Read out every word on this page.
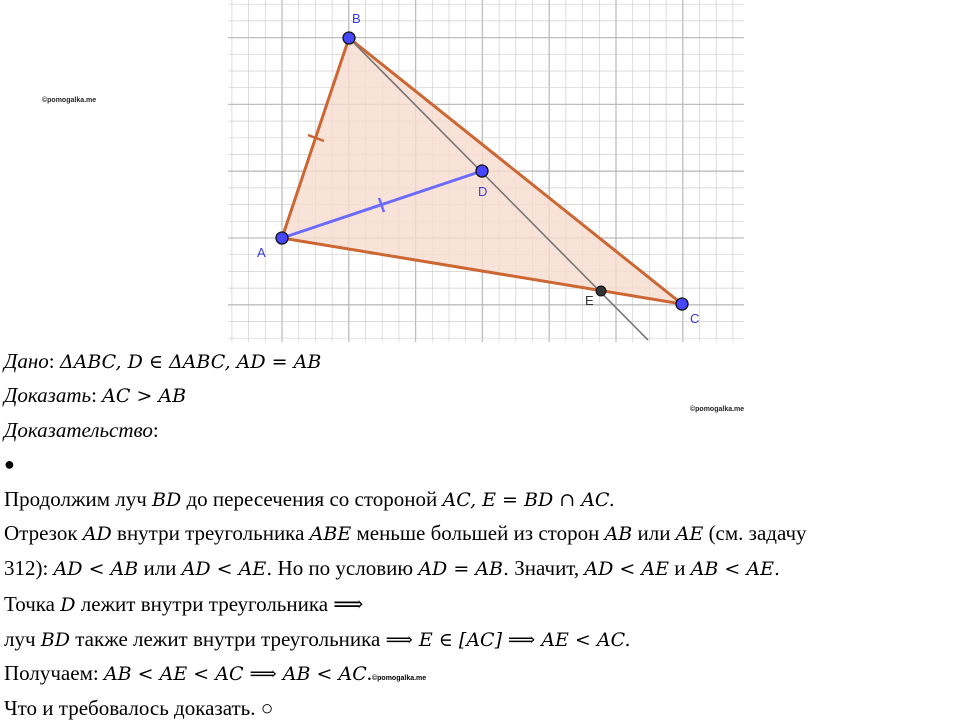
B
A
D
E
C
©pomogalka.me
©pomogalka.me
Дано: ΔABC, D ∈ ΔABC, AD = AB
Доказать: AC > AB
Доказательство:
●
Продолжим луч BD до пересечения со стороной AC, E = BD ∩ AC.
Отрезок AD внутри треугольника ABE меньше большей из сторон AB или AE (см. задачу
312): AD < AB или AD < AE. Но по условию AD = AB. Значит, AD < AE и AB < AE.
Точка D лежит внутри треугольника ⟹
луч BD также лежит внутри треугольника ⟹ E ∈ [AC] ⟹ AE < AC.
Получаем: AB < AE < AC ⟹ AB < AC.©pomogalka.me
Что и требовалось доказать. ○
